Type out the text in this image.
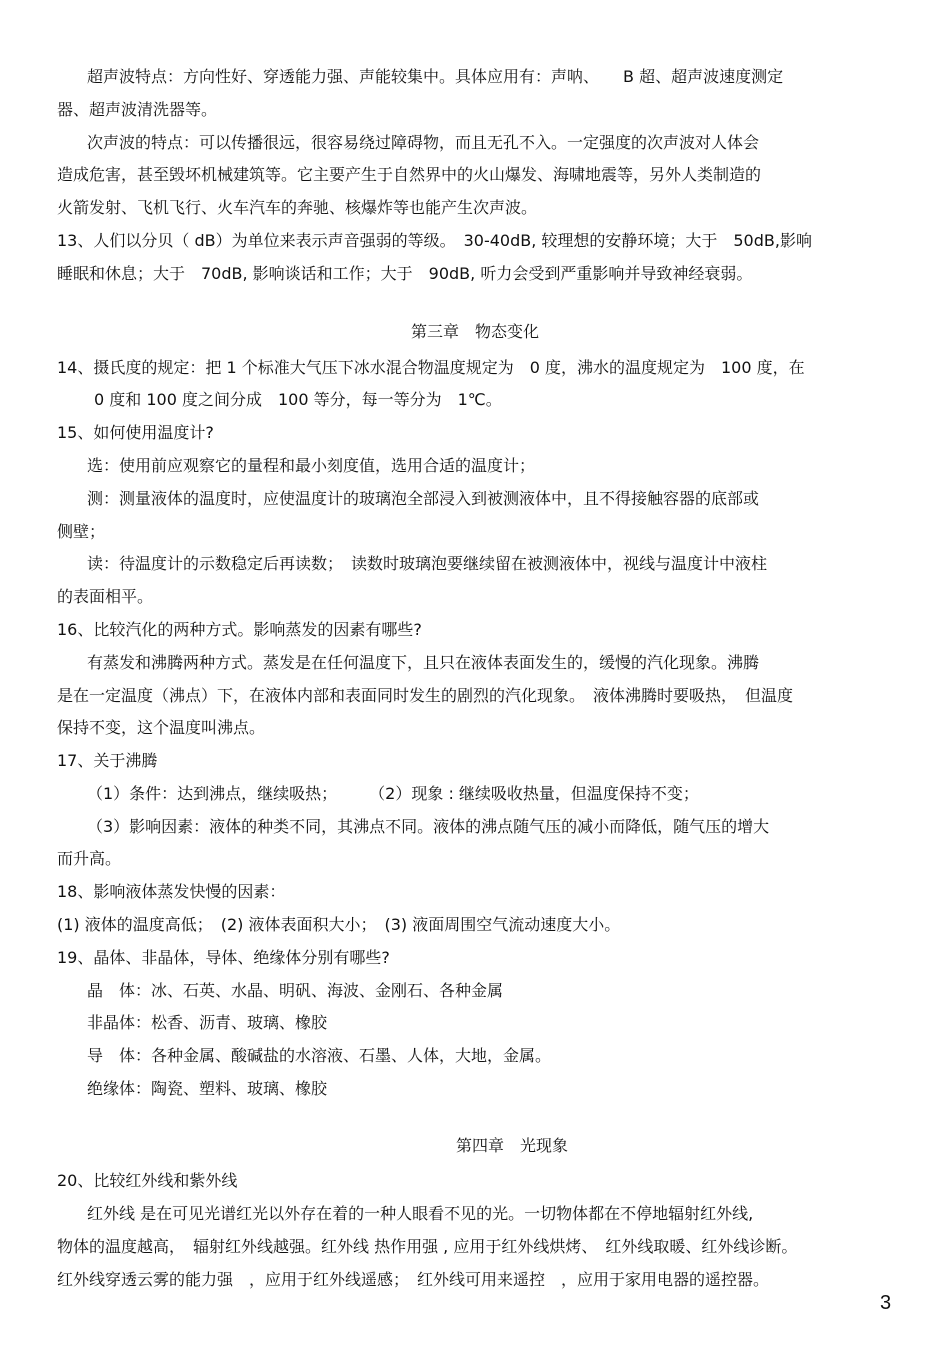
超声波特点：方向性好、穿透能力强、声能较集中。具体应用有：声呐、　　B 超、超声波速度测定
器、超声波清洗器等。
次声波的特点：可以传播很远，很容易绕过障碍物，而且无孔不入。一定强度的次声波对人体会
造成危害，甚至毁坏机械建筑等。它主要产生于自然界中的火山爆发、海啸地震等，另外人类制造的
火箭发射、飞机飞行、火车汽车的奔驰、核爆炸等也能产生次声波。
13、人们以分贝（ dB）为单位来表示声音强弱的等级。　30-40dB, 较理想的安静环境；大于　50dB,影响
睡眠和休息；大于　70dB, 影响谈话和工作；大于　90dB, 听力会受到严重影响并导致神经衰弱。
第三章　物态变化
14、摄氏度的规定：把 1 个标准大气压下冰水混合物温度规定为　0 度，沸水的温度规定为　100 度，在
0 度和 100 度之间分成　100 等分，每一等分为　1℃。
15、如何使用温度计?
选：使用前应观察它的量程和最小刻度值，选用合适的温度计；
测：测量液体的温度时，应使温度计的玻璃泡全部浸入到被测液体中，且不得接触容器的底部或
侧壁；
读：待温度计的示数稳定后再读数；　读数时玻璃泡要继续留在被测液体中，视线与温度计中液柱
的表面相平。
16、比较汽化的两种方式。影响蒸发的因素有哪些?
有蒸发和沸腾两种方式。蒸发是在任何温度下，且只在液体表面发生的，缓慢的汽化现象。沸腾
是在一定温度（沸点）下，在液体内部和表面同时发生的剧烈的汽化现象。　液体沸腾时要吸热，　但温度
保持不变，这个温度叫沸点。
17、关于沸腾
（1）条件：达到沸点，继续吸热；　　　（2）现象 : 继续吸收热量，但温度保持不变；
（3）影响因素：液体的种类不同，其沸点不同。液体的沸点随气压的减小而降低，随气压的增大
而升高。
18、影响液体蒸发快慢的因素：
(1) 液体的温度高低；　(2) 液体表面积大小；　(3) 液面周围空气流动速度大小。
19、晶体、非晶体，导体、绝缘体分别有哪些?
晶　体：冰、石英、水晶、明矾、海波、金刚石、各种金属
非晶体：松香、沥青、玻璃、橡胶
导　体：各种金属、酸碱盐的水溶液、石墨、人体，大地，金属。
绝缘体：陶瓷、塑料、玻璃、橡胶
第四章　光现象
20、比较红外线和紫外线
红外线 是在可见光谱红光以外存在着的一种人眼看不见的光。一切物体都在不停地辐射红外线,
物体的温度越高，　辐射红外线越强。红外线 热作用强 , 应用于红外线烘烤、　红外线取暖、红外线诊断。
红外线穿透云雾的能力强　，应用于红外线遥感；　红外线可用来遥控　，应用于家用电器的遥控器。
3
